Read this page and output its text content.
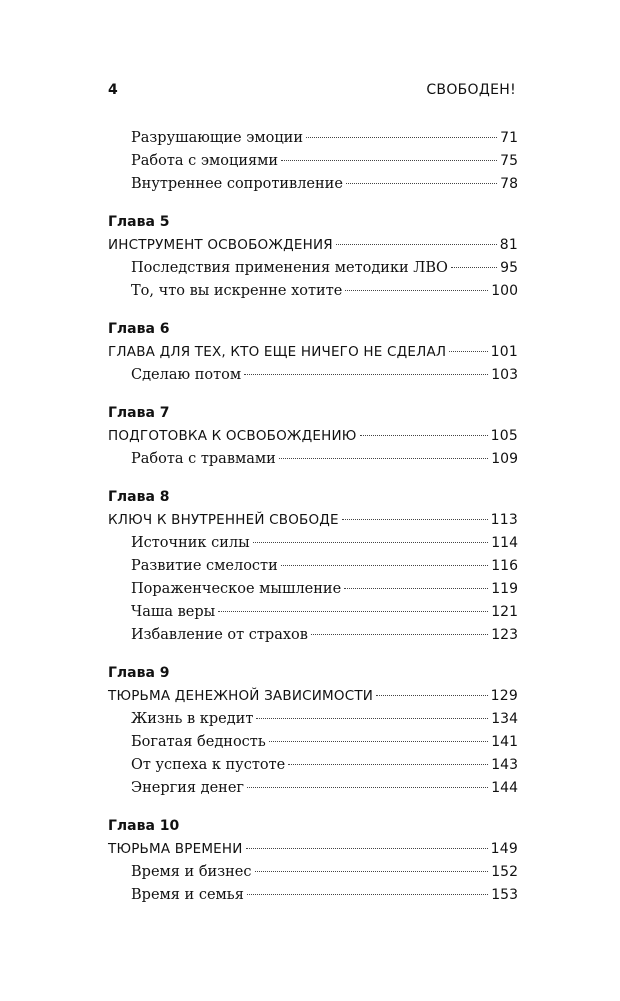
4	СВОБОДЕН!
Разрушающие эмоции	71
Работа с эмоциями	75
Внутреннее сопротивление	78
Глава 5
ИНСТРУМЕНТ ОСВОБОЖДЕНИЯ	81
Последствия применения методики ЛВО	95
То, что вы искренне хотите	100
Глава 6
ГЛАВА ДЛЯ ТЕХ, КТО ЕЩЕ НИЧЕГО НЕ СДЕЛАЛ	101
Сделаю потом	103
Глава 7
ПОДГОТОВКА К ОСВОБОЖДЕНИЮ	105
Работа с травмами	109
Глава 8
КЛЮЧ К ВНУТРЕННЕЙ СВОБОДЕ	113
Источник силы	114
Развитие смелости	116
Пораженческое мышление	119
Чаша веры	121
Избавление от страхов	123
Глава 9
ТЮРЬМА ДЕНЕЖНОЙ ЗАВИСИМОСТИ	129
Жизнь в кредит	134
Богатая бедность	141
От успеха к пустоте	143
Энергия денег	144
Глава 10
ТЮРЬМА ВРЕМЕНИ	149
Время и бизнес	152
Время и семья	153
